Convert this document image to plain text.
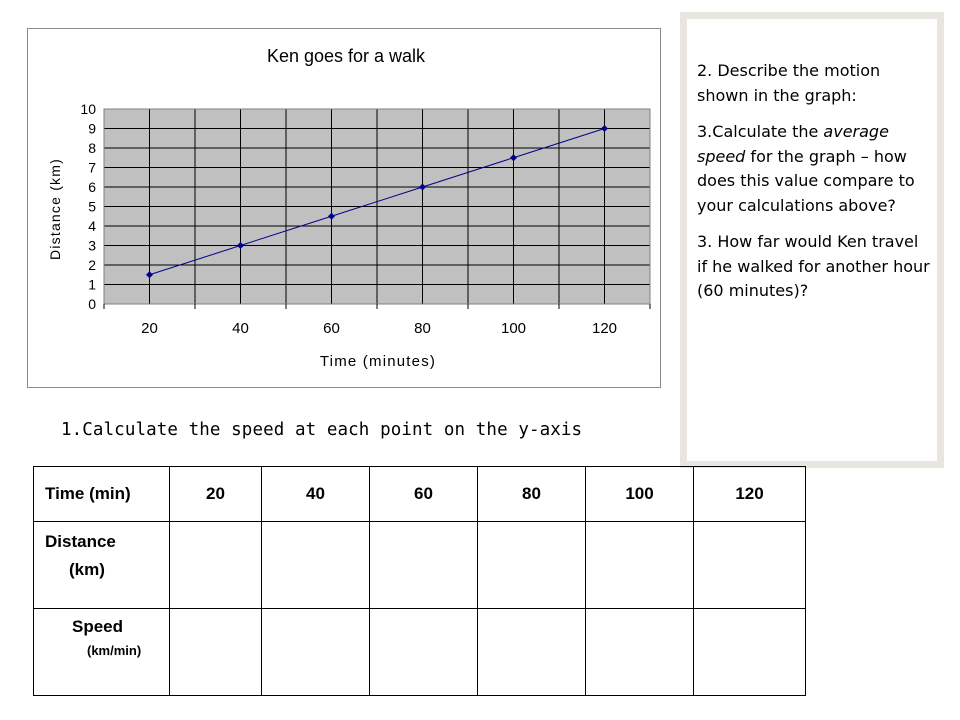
Ken goes for a walk
0
1
2
3
4
5
6
7
8
9
10
20	40	60	80	100	120
Time (minutes)
Distance (km)

2. Describe the motion shown in the graph:

3.Calculate the average speed for the graph – how does this value compare to your calculations above?

3. How far would Ken travel if he walked for another hour (60 minutes)?

1.Calculate the speed at each point on the y-axis
Time (min)	20	40	60	80	100	120

Distance
(km)						

Speed
(km/min)						
